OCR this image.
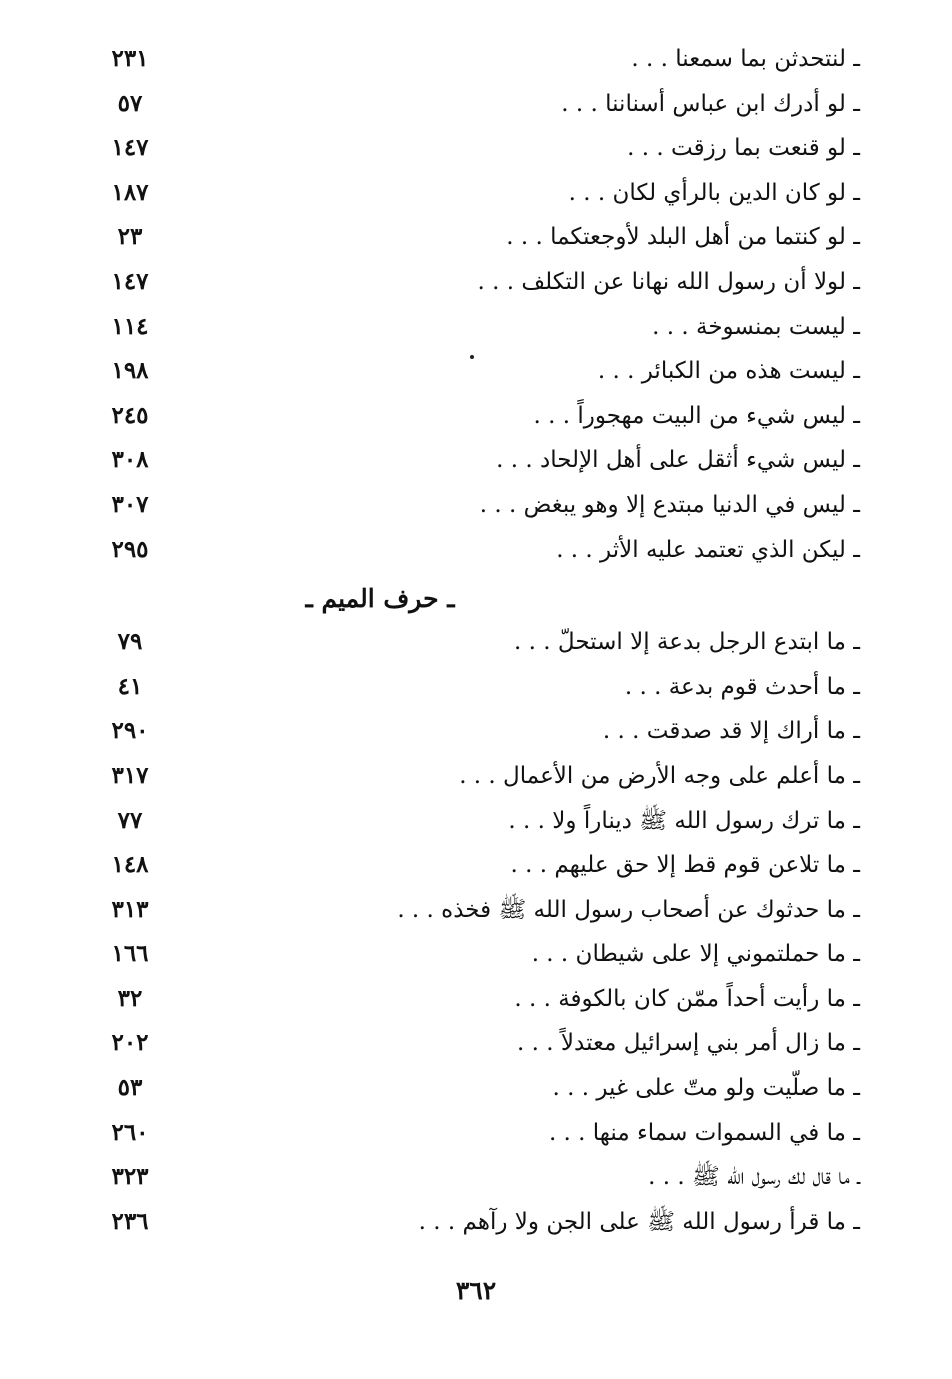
ـ لنتحدثن بما سمعنا . . .
٢٣١
ـ لو أدرك ابن عباس أسناننا . . .
٥٧
ـ لو قنعت بما رزقت . . .
١٤٧
ـ لو كان الدين بالرأي لكان . . .
١٨٧
ـ لو كنتما من أهل البلد لأوجعتكما . . .
٢٣
ـ لولا أن رسول الله نهانا عن التكلف . . .
١٤٧
ـ ليست بمنسوخة . . .
١١٤
ـ ليست هذه من الكبائر . . .
١٩٨
ـ ليس شيء من البيت مهجوراً . . .
٢٤٥
ـ ليس شيء أثقل على أهل الإلحاد . . .
٣٠٨
ـ ليس في الدنيا مبتدع إلا وهو يبغض . . .
٣٠٧
ـ ليكن الذي تعتمد عليه الأثر . . .
٢٩٥
ـ حرف الميم ـ
ـ ما ابتدع الرجل بدعة إلا استحلّ . . .
٧٩
ـ ما أحدث قوم بدعة . . .
٤١
ـ ما أراك إلا قد صدقت . . .
٢٩٠
ـ ما أعلم على وجه الأرض من الأعمال . . .
٣١٧
ـ ما ترك رسول الله ﷺ ديناراً ولا . . .
٧٧
ـ ما تلاعن قوم قط إلا حق عليهم . . .
١٤٨
ـ ما حدثوك عن أصحاب رسول الله ﷺ فخذه . . .
٣١٣
ـ ما حملتموني إلا على شيطان . . .
١٦٦
ـ ما رأيت أحداً ممّن كان بالكوفة . . .
٣٢
ـ ما زال أمر بني إسرائيل معتدلاً . . .
٢٠٢
ـ ما صلّيت ولو متّ على غير . . .
٥٣
ـ ما في السموات سماء منها . . .
٢٦٠
ـ ما قال لك رسول الله ﷺ . . .
٣٢٣
ـ ما قرأ رسول الله ﷺ على الجن ولا رآهم . . .
٢٣٦
٣٦٢
